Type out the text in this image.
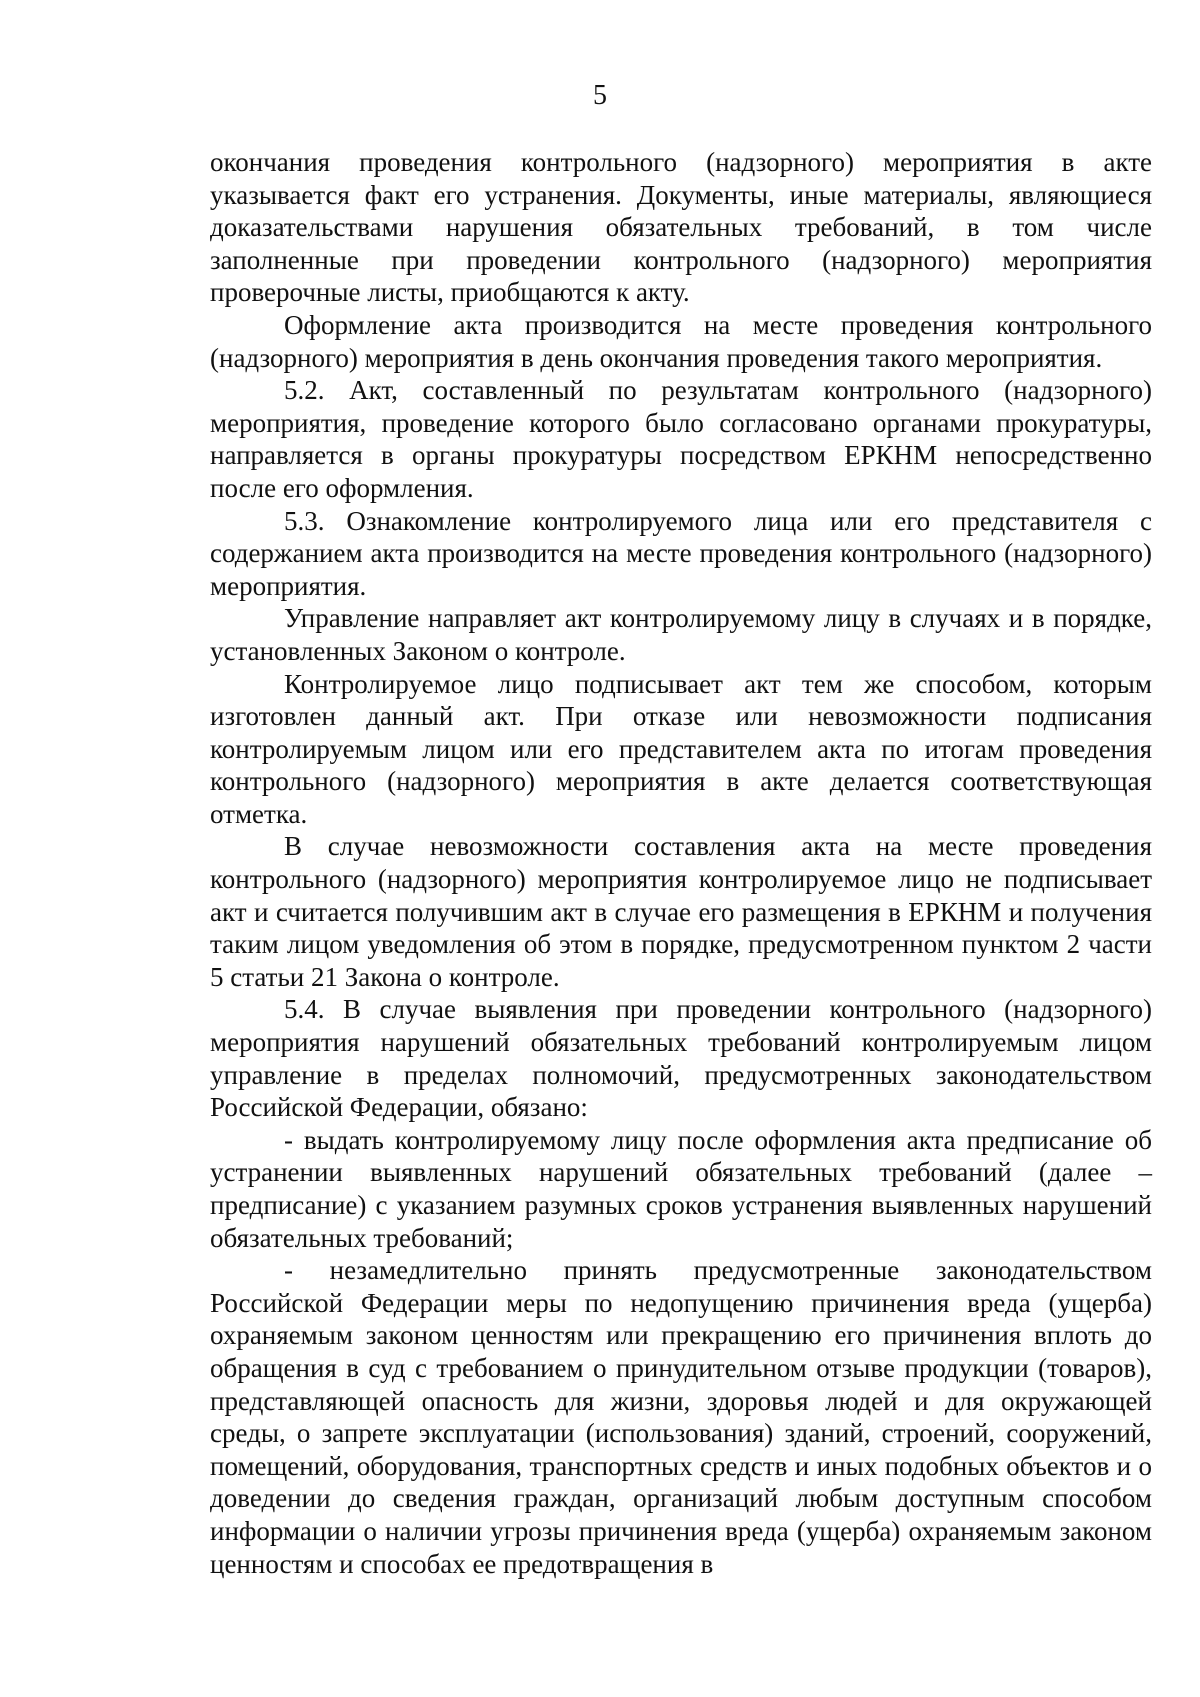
5

окончания проведения контрольного (надзорного) мероприятия в акте указывается факт его устранения. Документы, иные материалы, являющиеся доказательствами нарушения обязательных требований, в том числе заполненные при проведении контрольного (надзорного) мероприятия проверочные листы, приобщаются к акту.

Оформление акта производится на месте проведения контрольного (надзорного) мероприятия в день окончания проведения такого мероприятия.

5.2. Акт, составленный по результатам контрольного (надзорного) мероприятия, проведение которого было согласовано органами прокуратуры, направляется в органы прокуратуры посредством ЕРКНМ непосредственно после его оформления.

5.3. Ознакомление контролируемого лица или его представителя с содержанием акта производится на месте проведения контрольного (надзорного) мероприятия.

Управление направляет акт контролируемому лицу в случаях и в порядке, установленных Законом о контроле.

Контролируемое лицо подписывает акт тем же способом, которым изготовлен данный акт. При отказе или невозможности подписания контролируемым лицом или его представителем акта по итогам проведения контрольного (надзорного) мероприятия в акте делается соответствующая отметка.

В случае невозможности составления акта на месте проведения контрольного (надзорного) мероприятия контролируемое лицо не подписывает акт и считается получившим акт в случае его размещения в ЕРКНМ и получения таким лицом уведомления об этом в порядке, предусмотренном пунктом 2 части 5 статьи 21 Закона о контроле.

5.4. В случае выявления при проведении контрольного (надзорного) мероприятия нарушений обязательных требований контролируемым лицом управление в пределах полномочий, предусмотренных законодательством Российской Федерации, обязано:

- выдать контролируемому лицу после оформления акта предписание об устранении выявленных нарушений обязательных требований (далее – предписание) с указанием разумных сроков устранения выявленных нарушений обязательных требований;

- незамедлительно принять предусмотренные законодательством Российской Федерации меры по недопущению причинения вреда (ущерба) охраняемым законом ценностям или прекращению его причинения вплоть до обращения в суд с требованием о принудительном отзыве продукции (товаров), представляющей опасность для жизни, здоровья людей и для окружающей среды, о запрете эксплуатации (использования) зданий, строений, сооружений, помещений, оборудования, транспортных средств и иных подобных объектов и о доведении до сведения граждан, организаций любым доступным способом информации о наличии угрозы причинения вреда (ущерба) охраняемым законом ценностям и способах ее предотвращения в
